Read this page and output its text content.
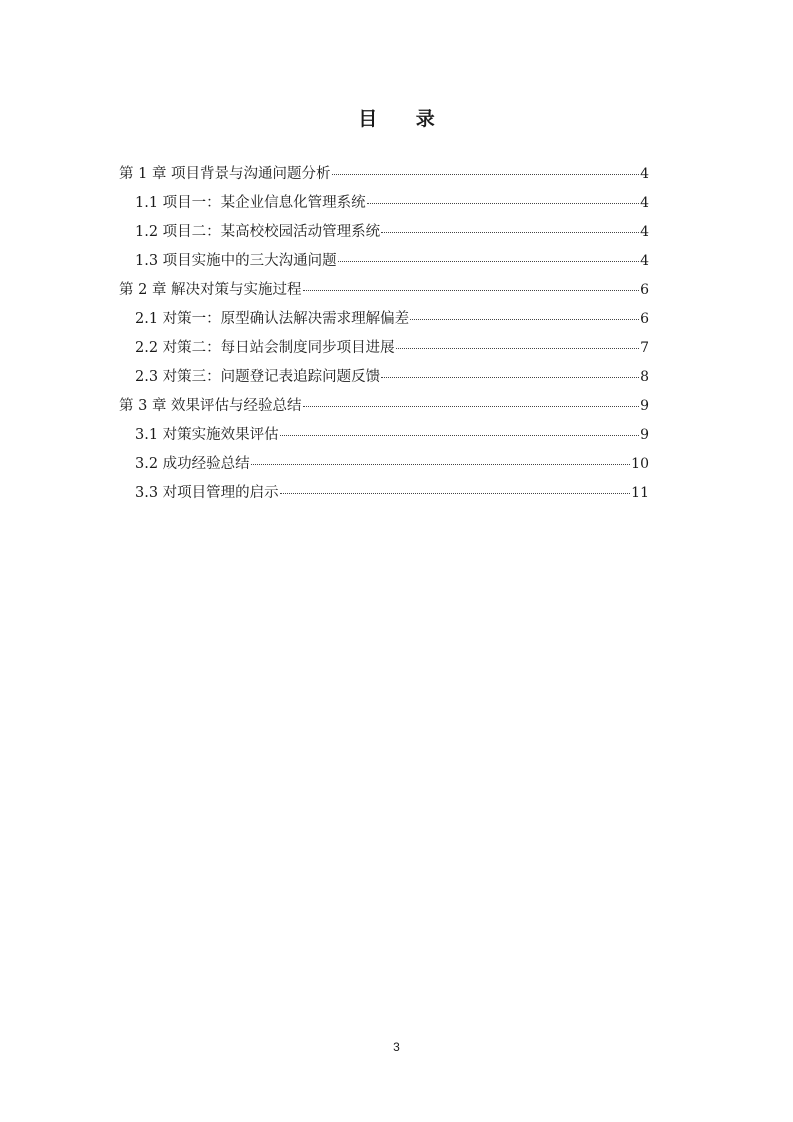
目 录
第 1 章 项目背景与沟通问题分析	4
1.1 项目一：某企业信息化管理系统	4
1.2 项目二：某高校校园活动管理系统	4
1.3 项目实施中的三大沟通问题	4
第 2 章 解决对策与实施过程	6
2.1 对策一：原型确认法解决需求理解偏差	6
2.2 对策二：每日站会制度同步项目进展	7
2.3 对策三：问题登记表追踪问题反馈	8
第 3 章 效果评估与经验总结	9
3.1 对策实施效果评估	9
3.2 成功经验总结	10
3.3 对项目管理的启示	11
3
